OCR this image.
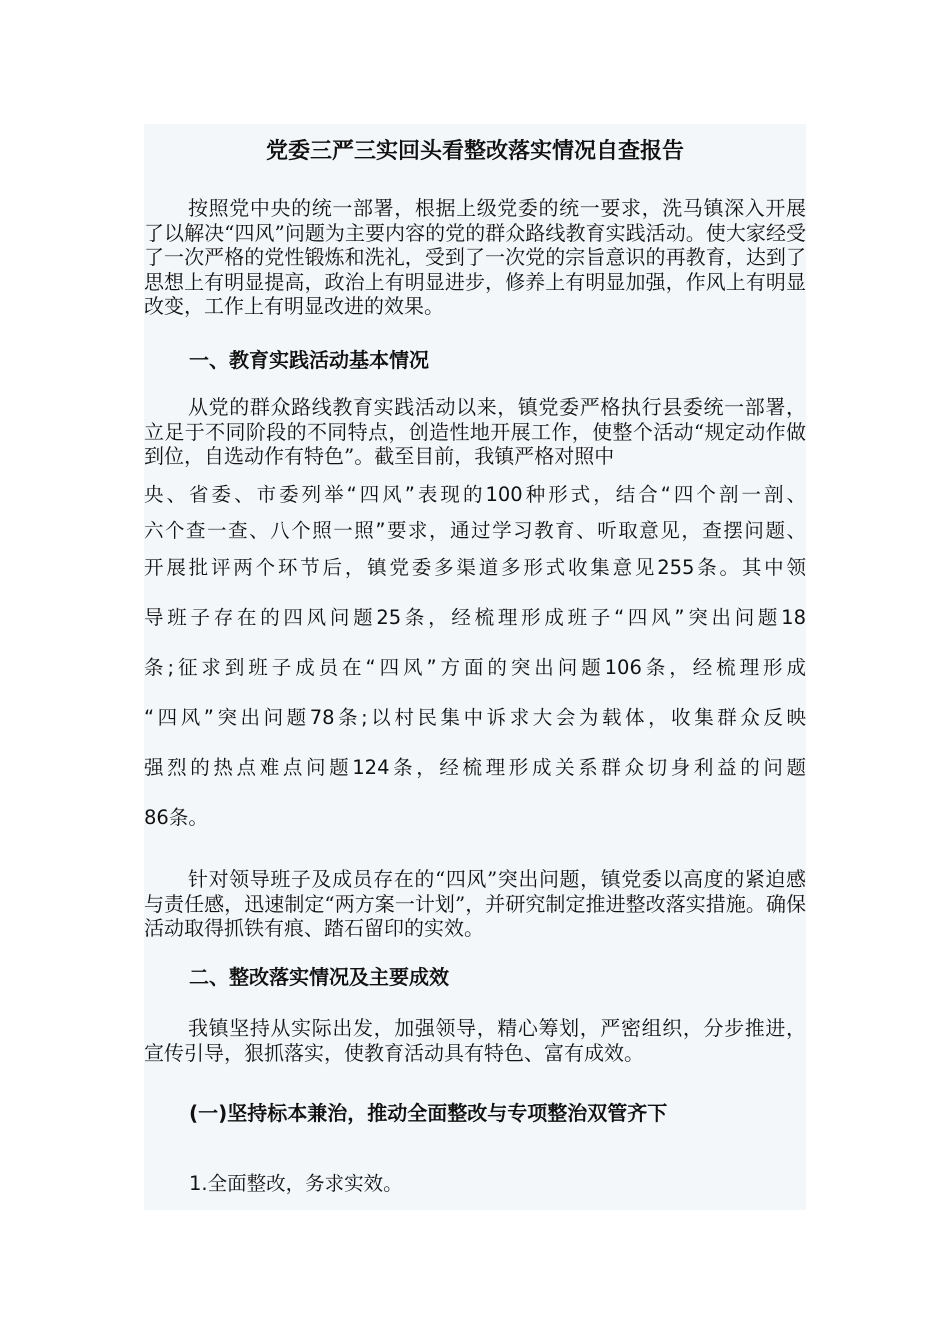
党委三严三实回头看整改落实情况自查报告
按照党中央的统一部署，根据上级党委的统一要求，洗马镇深入开展了以解决“四风”问题为主要内容的党的群众路线教育实践活动。使大家经受了一次严格的党性锻炼和洗礼，受到了一次党的宗旨意识的再教育，达到了思想上有明显提高，政治上有明显进步，修养上有明显加强，作风上有明显改变，工作上有明显改进的效果。
一、教育实践活动基本情况
从党的群众路线教育实践活动以来，镇党委严格执行县委统一部署，立足于不同阶段的不同特点，创造性地开展工作，使整个活动“规定动作做到位，自选动作有特色”。截至目前，我镇严格对照中
央、省委、市委列举“四风”表现的100种形式，结合“四个剖一剖、
六个查一查、八个照一照”要求，通过学习教育、听取意见，查摆问题、
开展批评两个环节后，镇党委多渠道多形式收集意见255条。其中领
导班子存在的四风问题25条，经梳理形成班子“四风”突出问题18
条;征求到班子成员在“四风”方面的突出问题106条，经梳理形成
“四风”突出问题78条;以村民集中诉求大会为载体，收集群众反映
强烈的热点难点问题124条，经梳理形成关系群众切身利益的问题
86条。
针对领导班子及成员存在的“四风”突出问题，镇党委以高度的紧迫感与责任感，迅速制定“两方案一计划”，并研究制定推进整改落实措施。确保活动取得抓铁有痕、踏石留印的实效。
二、整改落实情况及主要成效
我镇坚持从实际出发，加强领导，精心筹划，严密组织，分步推进，宣传引导，狠抓落实，使教育活动具有特色、富有成效。
(一)坚持标本兼治，推动全面整改与专项整治双管齐下
1.全面整改，务求实效。
